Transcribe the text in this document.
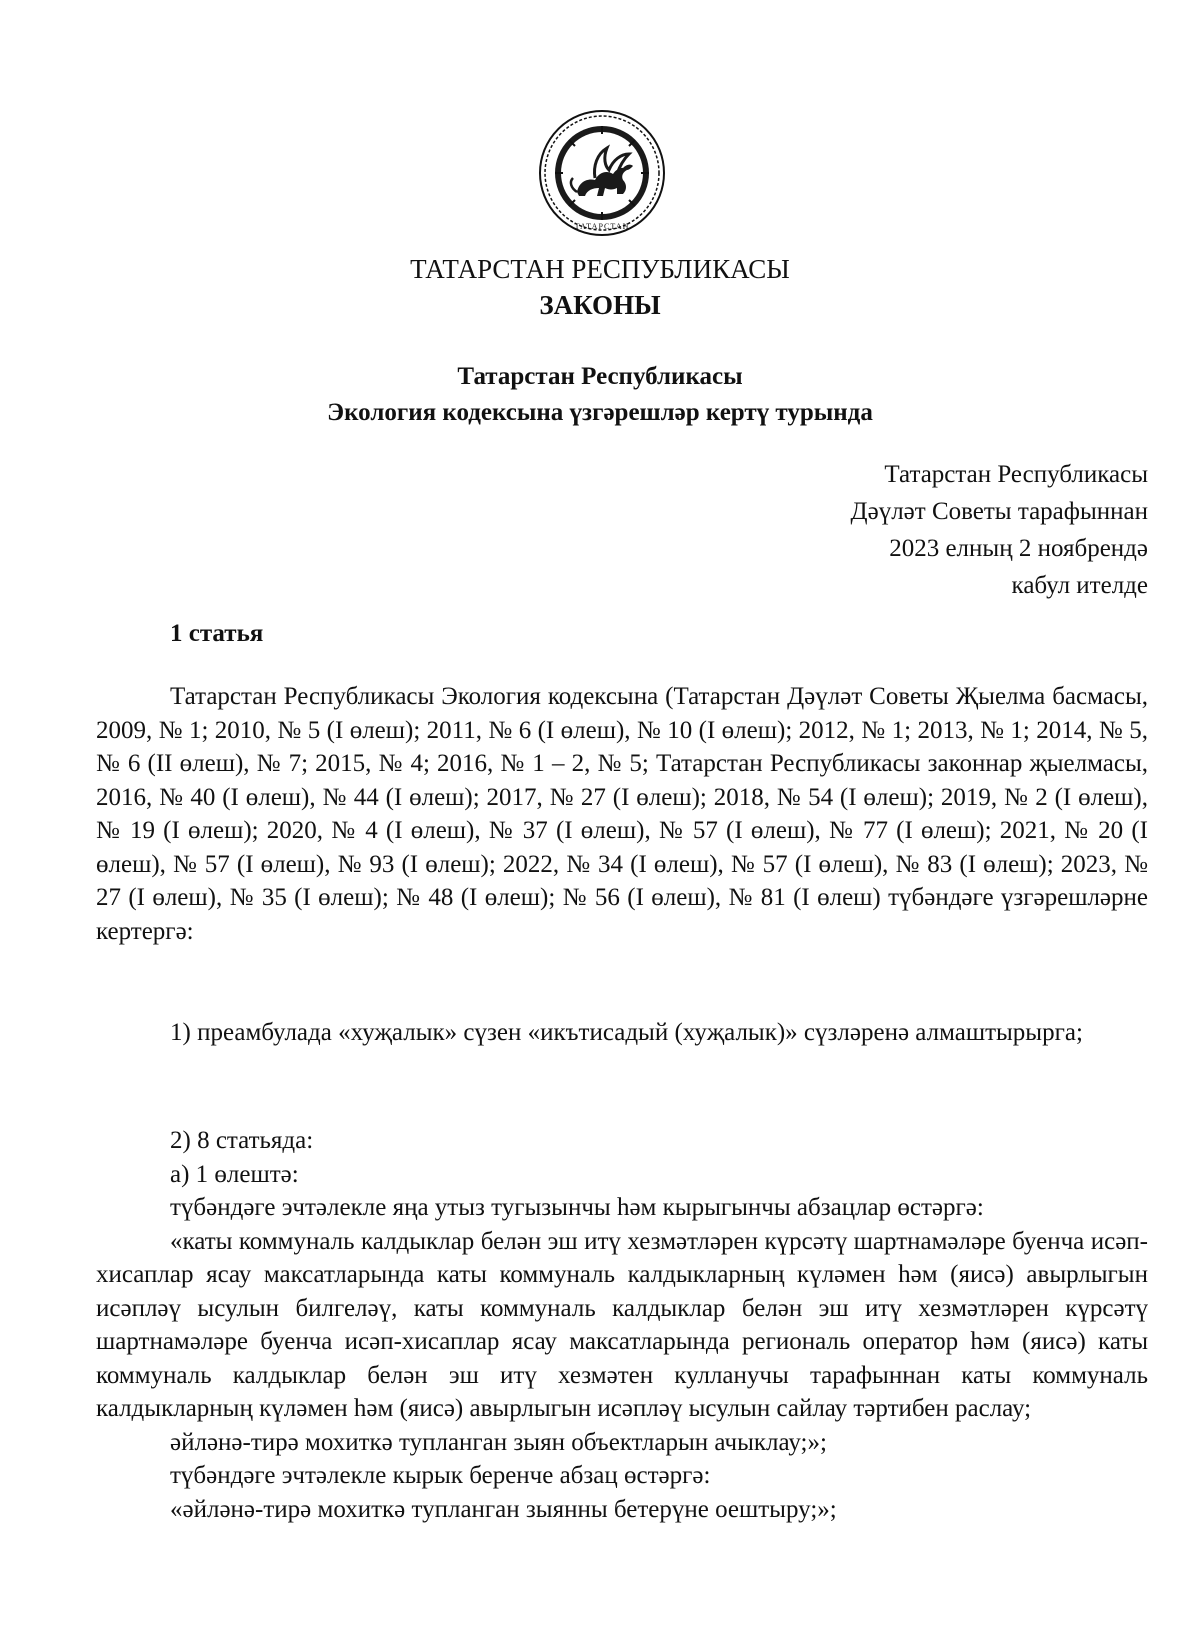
ТАТАРСТАН
ТАТАРСТАН РЕСПУБЛИКАСЫ
ЗАКОНЫ
Татарстан Республикасы
Экология кодексына үзгәрешләр кертү турында
Татарстан Республикасы
Дәүләт Советы тарафыннан
2023 елның 2 ноябрендә
кабул ителде
1 статья

Татарстан Республикасы Экология кодексына (Татарстан Дәүләт Советы Җыелма басмасы, 2009, № 1; 2010, № 5 (I өлеш); 2011, № 6 (I өлеш), № 10 (I өлеш); 2012, № 1; 2013, № 1; 2014, № 5, № 6 (II өлеш), № 7; 2015, № 4; 2016, № 1 – 2, № 5; Татарстан Республикасы законнар җыелмасы, 2016, № 40 (I өлеш), № 44 (I өлеш); 2017, № 27 (I өлеш); 2018, № 54 (I өлеш); 2019, № 2 (I өлеш), № 19 (I өлеш); 2020, № 4 (I өлеш), № 37 (I өлеш), № 57 (I өлеш), № 77 (I өлеш); 2021, № 20 (I өлеш), № 57 (I өлеш), № 93 (I өлеш); 2022, № 34 (I өлеш), № 57 (I өлеш), № 83 (I өлеш); 2023, № 27 (I өлеш), № 35 (I өлеш); № 48 (I өлеш); № 56 (I өлеш), № 81 (I өлеш) түбәндәге үзгәрешләрне кертергә:

1) преамбулада «хуҗалык» сүзен «икътисадый (хуҗалык)» сүзләренә алмаштырырга;

2) 8 статьяда:

а) 1 өлештә:

түбәндәге эчтәлекле яңа утыз тугызынчы һәм кырыгынчы абзацлар өстәргә:

«каты коммуналь калдыклар белән эш итү хезмәтләрен күрсәтү шартнамәләре буенча исәп-хисаплар ясау максатларында каты коммуналь калдыкларның күләмен һәм (яисә) авырлыгын исәпләү ысулын билгеләү, каты коммуналь калдыклар белән эш итү хезмәтләрен күрсәтү шартнамәләре буенча исәп-хисаплар ясау максатларында региональ оператор һәм (яисә) каты коммуналь калдыклар белән эш итү хезмәтен кулланучы тарафыннан каты коммуналь калдыкларның күләмен һәм (яисә) авырлыгын исәпләү ысулын сайлау тәртибен раслау;

әйләнә-тирә мохиткә тупланган зыян объектларын ачыклау;»;

түбәндәге эчтәлекле кырык беренче абзац өстәргә:

«әйләнә-тирә мохиткә тупланган зыянны бетерүне оештыру;»;
